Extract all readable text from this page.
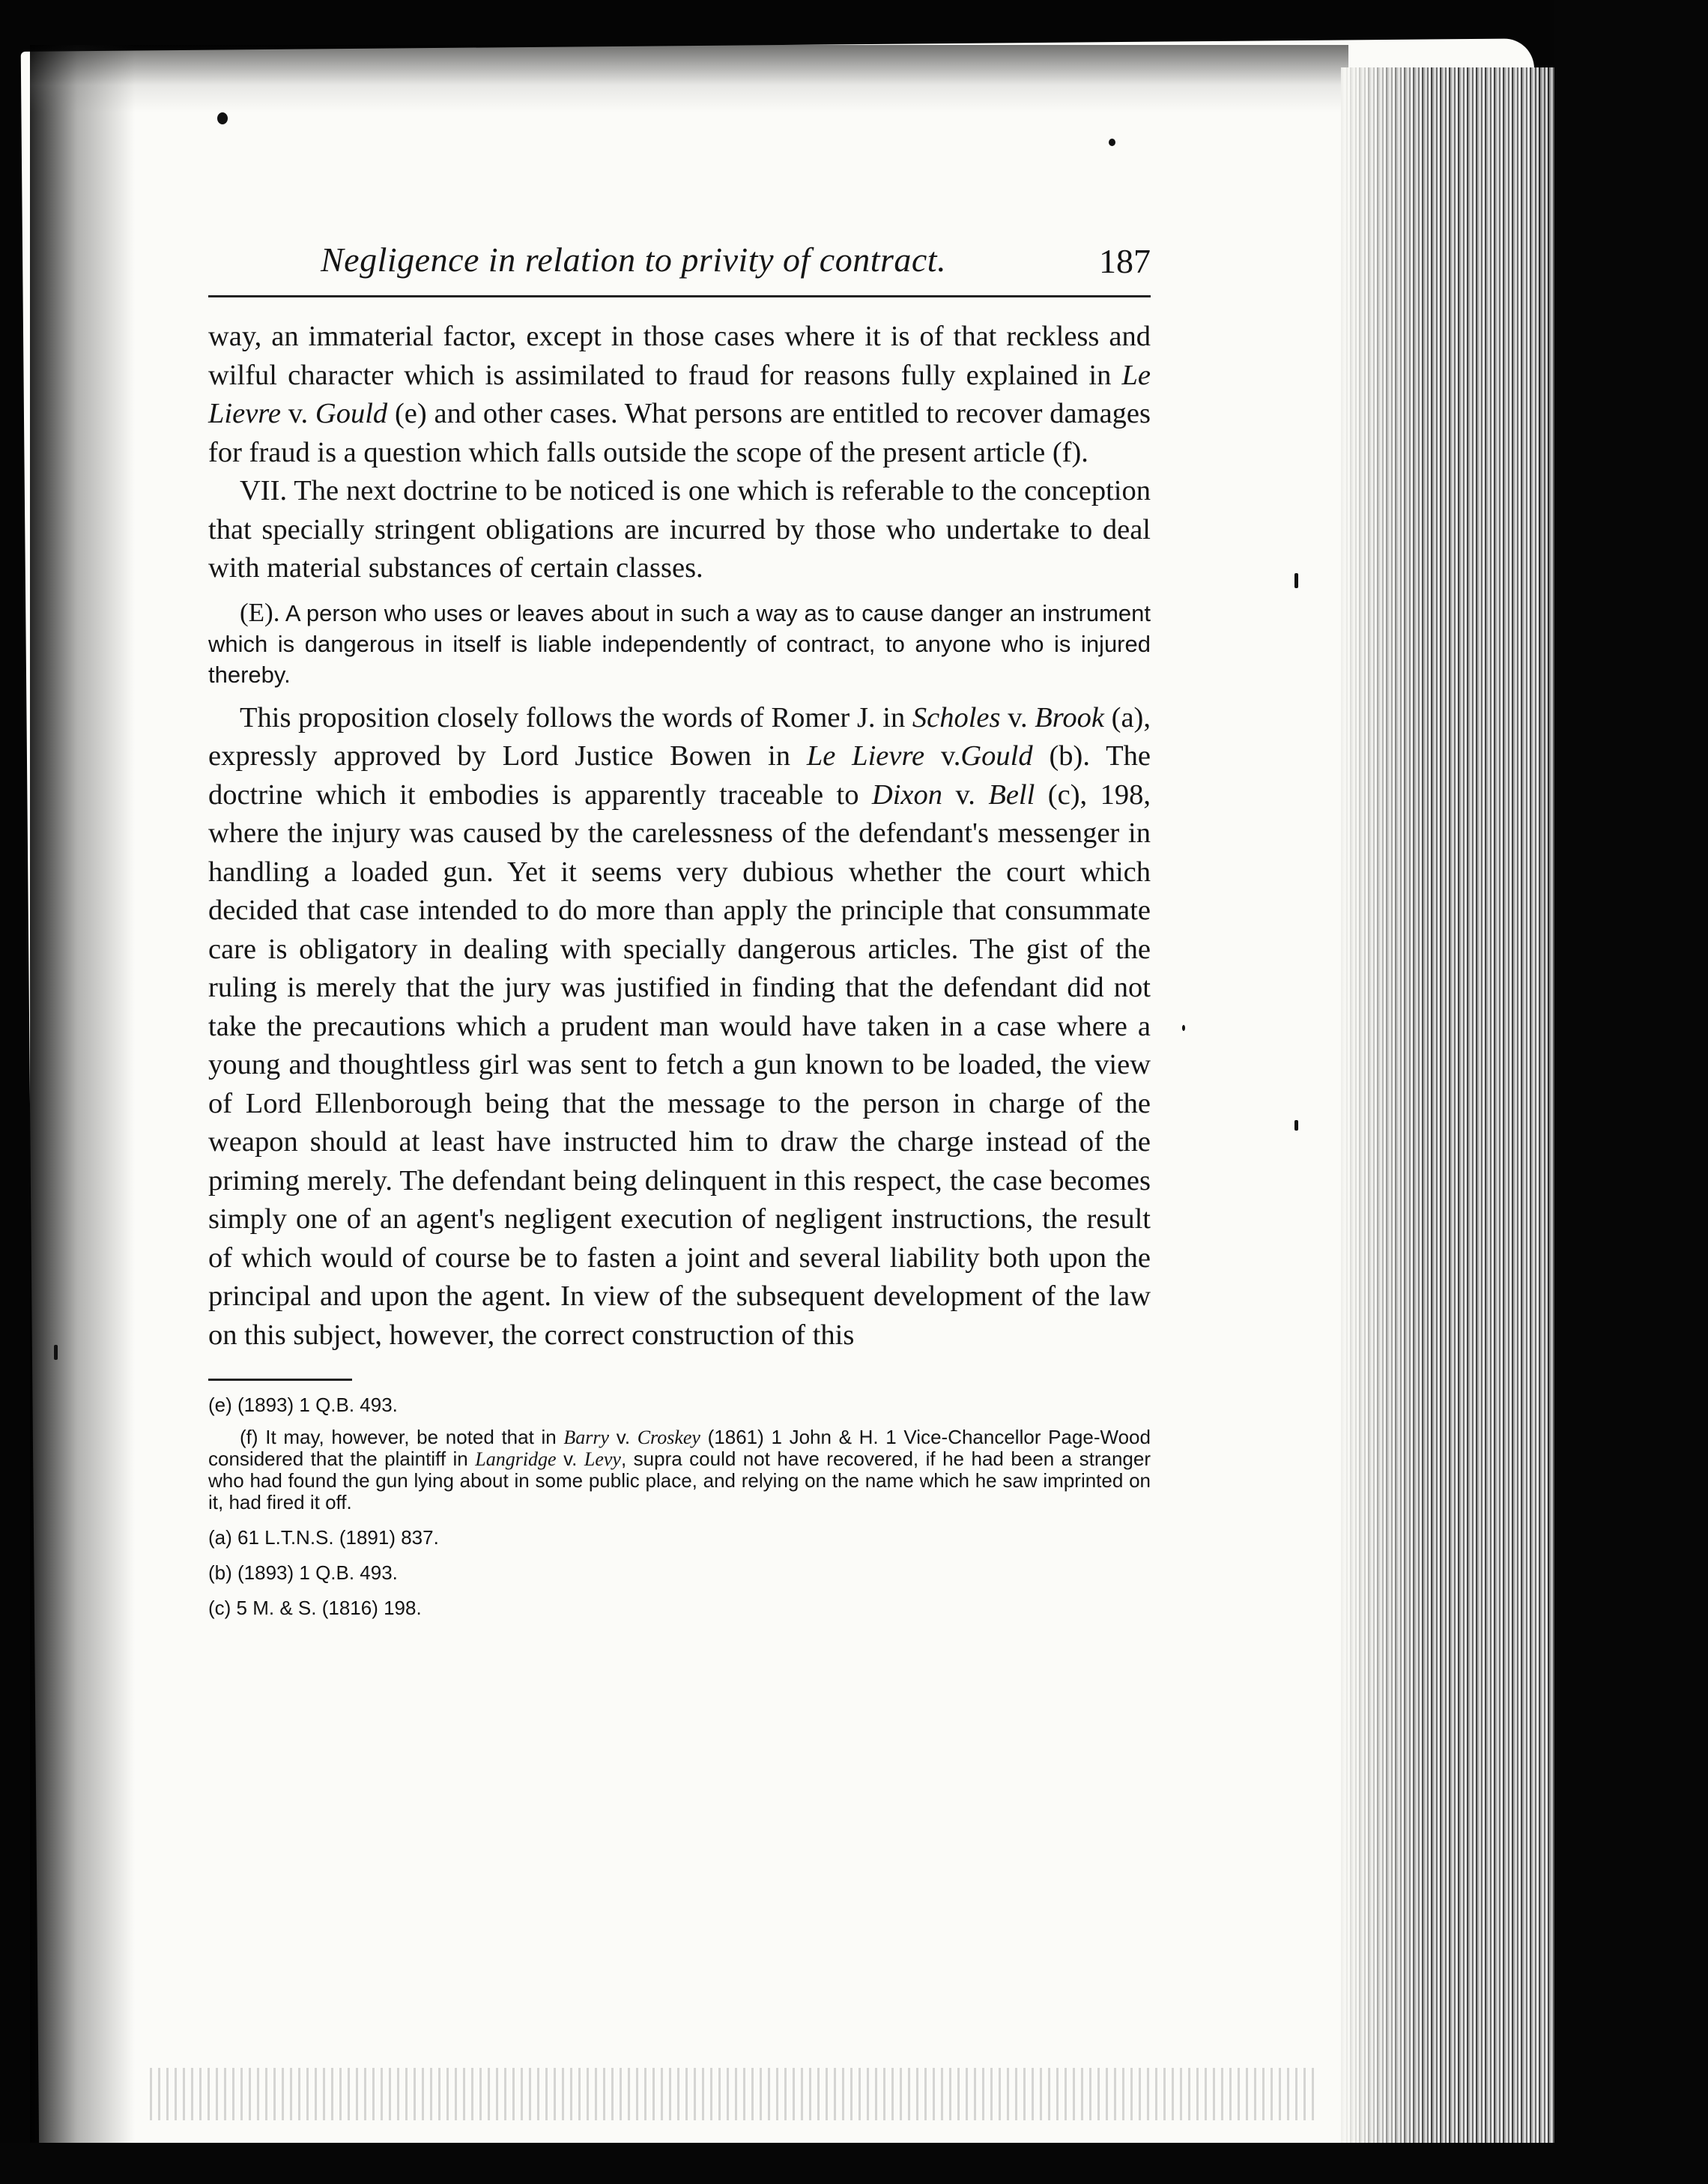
Negligence in relation to privity of contract.	187

way, an immaterial factor, except in those cases where it is of that reckless and wilful character which is assimilated to fraud for reasons fully explained in Le Lievre v. Gould (e) and other cases. What persons are entitled to recover damages for fraud is a question which falls outside the scope of the present article (f).

VII. The next doctrine to be noticed is one which is referable to the conception that specially stringent obligations are incurred by those who undertake to deal with material substances of certain classes.

(E). A person who uses or leaves about in such a way as to cause danger an instrument which is dangerous in itself is liable independently of contract, to anyone who is injured thereby.

This proposition closely follows the words of Romer J. in Scholes v. Brook (a), expressly approved by Lord Justice Bowen in Le Lievre v.Gould (b). The doctrine which it embodies is apparently traceable to Dixon v. Bell (c), 198, where the injury was caused by the carelessness of the defendant's messenger in handling a loaded gun. Yet it seems very dubious whether the court which decided that case intended to do more than apply the principle that consummate care is obligatory in dealing with specially dangerous articles. The gist of the ruling is merely that the jury was justified in finding that the defendant did not take the precautions which a prudent man would have taken in a case where a young and thoughtless girl was sent to fetch a gun known to be loaded, the view of Lord Ellenborough being that the message to the person in charge of the weapon should at least have instructed him to draw the charge instead of the priming merely. The defendant being delinquent in this respect, the case becomes simply one of an agent's negligent execution of negligent instructions, the result of which would of course be to fasten a joint and several liability both upon the principal and upon the agent. In view of the subsequent development of the law on this subject, however, the correct construction of this

(e) (1893) 1 Q.B. 493.

(f) It may, however, be noted that in Barry v. Croskey (1861) 1 John & H. 1 Vice-Chancellor Page-Wood considered that the plaintiff in Langridge v. Levy, supra could not have recovered, if he had been a stranger who had found the gun lying about in some public place, and relying on the name which he saw imprinted on it, had fired it off.

(a) 61 L.T.N.S. (1891) 837.

(b) (1893) 1 Q.B. 493.

(c) 5 M. & S. (1816) 198.
